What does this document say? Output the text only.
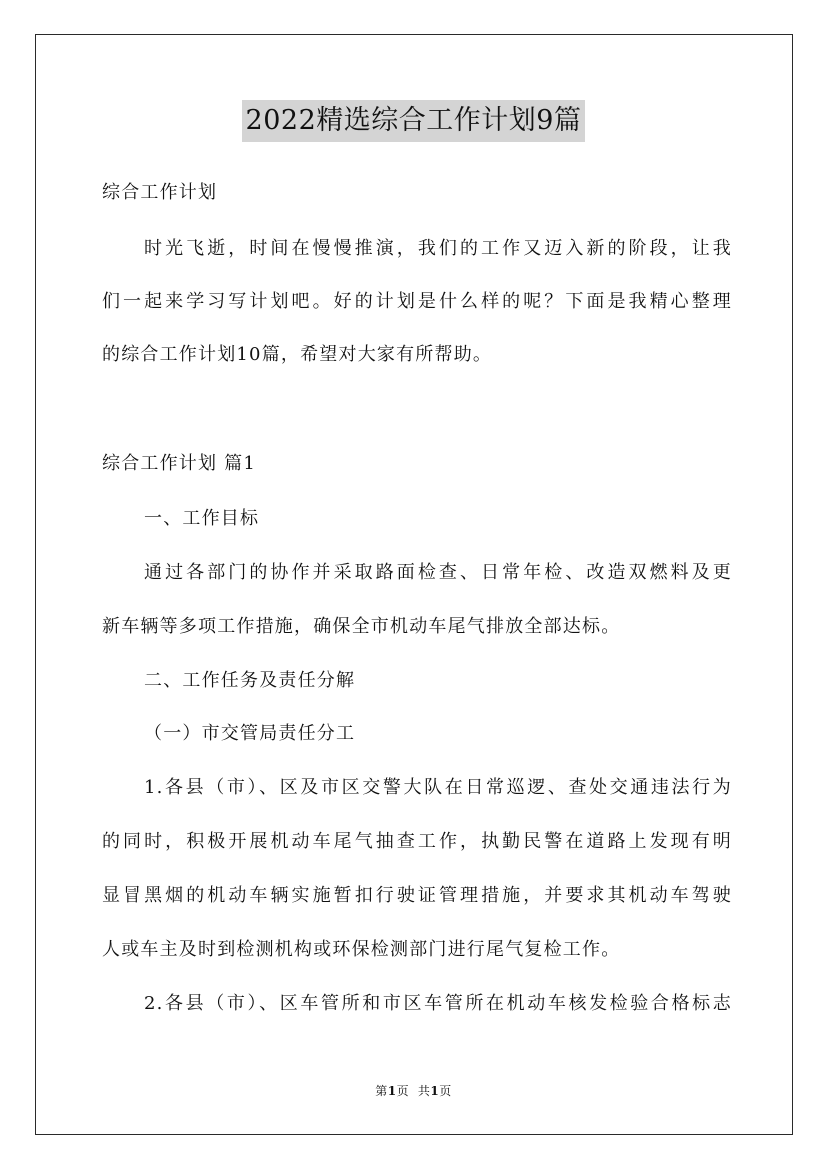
2022精选综合工作计划9篇
综合工作计划
时光飞逝，时间在慢慢推演，我们的工作又迈入新的阶段，让我
们一起来学习写计划吧。好的计划是什么样的呢？下面是我精心整理
的综合工作计划10篇，希望对大家有所帮助。
综合工作计划 篇1
一、工作目标
通过各部门的协作并采取路面检查、日常年检、改造双燃料及更
新车辆等多项工作措施，确保全市机动车尾气排放全部达标。
二、工作任务及责任分解
（一）市交管局责任分工
1.各县（市）、区及市区交警大队在日常巡逻、查处交通违法行为
的同时，积极开展机动车尾气抽查工作，执勤民警在道路上发现有明
显冒黑烟的机动车辆实施暂扣行驶证管理措施，并要求其机动车驾驶
人或车主及时到检测机构或环保检测部门进行尾气复检工作。
2.各县（市）、区车管所和市区车管所在机动车核发检验合格标志
第1页 共1页
